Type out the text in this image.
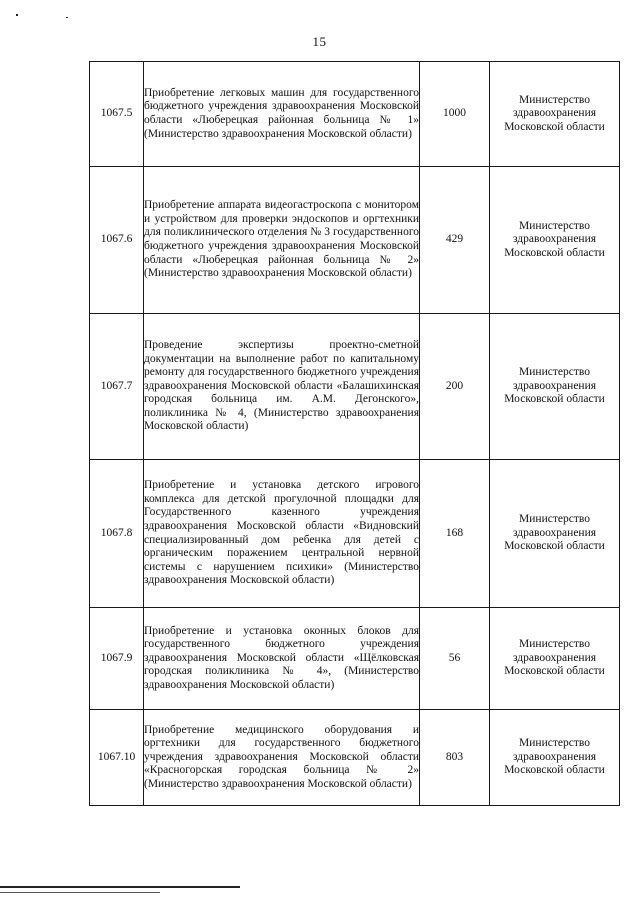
15
1067.5	Приобретение легковых машин для государственного бюджетного учреждения здравоохранения Московской области «Люберецкая районная больница № 1» (Министерство здравоохранения Московской области)	1000	Министерство здравоохранения Московской области
1067.6	Приобретение аппарата видеогастроскопа с монитором и устройством для проверки эндоскопов и оргтехники для поликлинического отделения № 3 государственного бюджетного учреждения здравоохранения Московской области «Люберецкая районная больница № 2» (Министерство здравоохранения Московской области)	429	Министерство здравоохранения Московской области
1067.7	Проведение экспертизы проектно-сметной документации на выполнение работ по капитальному ремонту для государственного бюджетного учреждения здравоохранения Московской области «Балашихинская городская больница им. А.М. Дегонского», поликлиника № 4, (Министерство здравоохранения Московской области)	200	Министерство здравоохранения Московской области
1067.8	Приобретение и установка детского игрового комплекса для детской прогулочной площадки для Государственного казенного учреждения здравоохранения Московской области «Видновский специализированный дом ребенка для детей с органическим поражением центральной нервной системы с нарушением психики» (Министерство здравоохранения Московской области)	168	Министерство здравоохранения Московской области
1067.9	Приобретение и установка оконных блоков для государственного бюджетного учреждения здравоохранения Московской области «Щёлковская городская поликлиника № 4», (Министерство здравоохранения Московской области)	56	Министерство здравоохранения Московской области
1067.10	Приобретение медицинского оборудования и оргтехники для государственного бюджетного учреждения здравоохранения Московской области «Красногорская городская больница № 2» (Министерство здравоохранения Московской области)	803	Министерство здравоохранения Московской области
